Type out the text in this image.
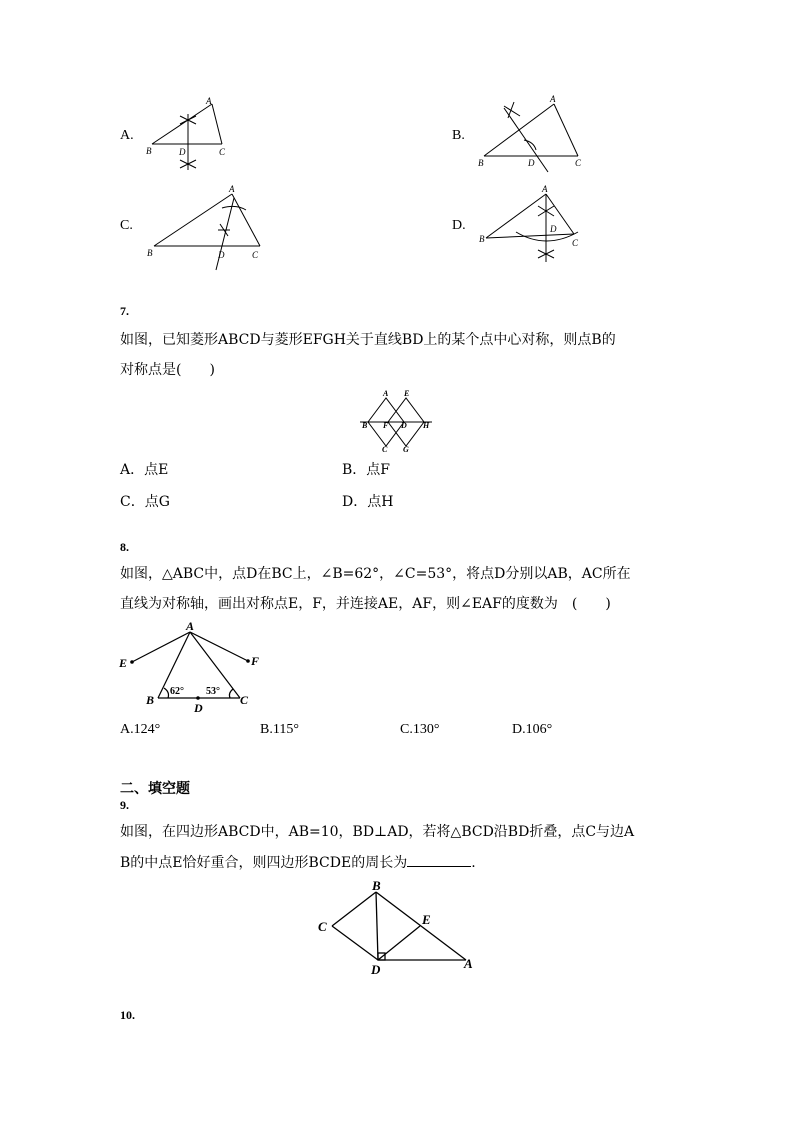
A.
B
A
D	C
B.
B
A
D	C
C.
B
A
D	C
D.
B
A
D
C
7.
如图，已知菱形ABCD与菱形EFGH关于直线BD上的某个点中心对称，则点B的
对称点是(　　)
A E
B F D H
C G
A．点E	B．点F
C．点G	D．点H
8.
如图，△ABC中，点D在BC上，∠B=62°，∠C=53°，将点D分别以AB，AC所在
直线为对称轴，画出对称点E，F，并连接AE，AF，则∠EAF的度数为　(　　)
A
E	F
B	C
D
62° 53°
A.124°	B.115°	C.130°	D.106°
二、填空题
9.
如图，在四边形ABCD中，AB=10，BD⊥AD，若将△BCD沿BD折叠，点C与边A
B的中点E恰好重合，则四边形BCDE的周长为	.
B
C	E
D	A
10.
